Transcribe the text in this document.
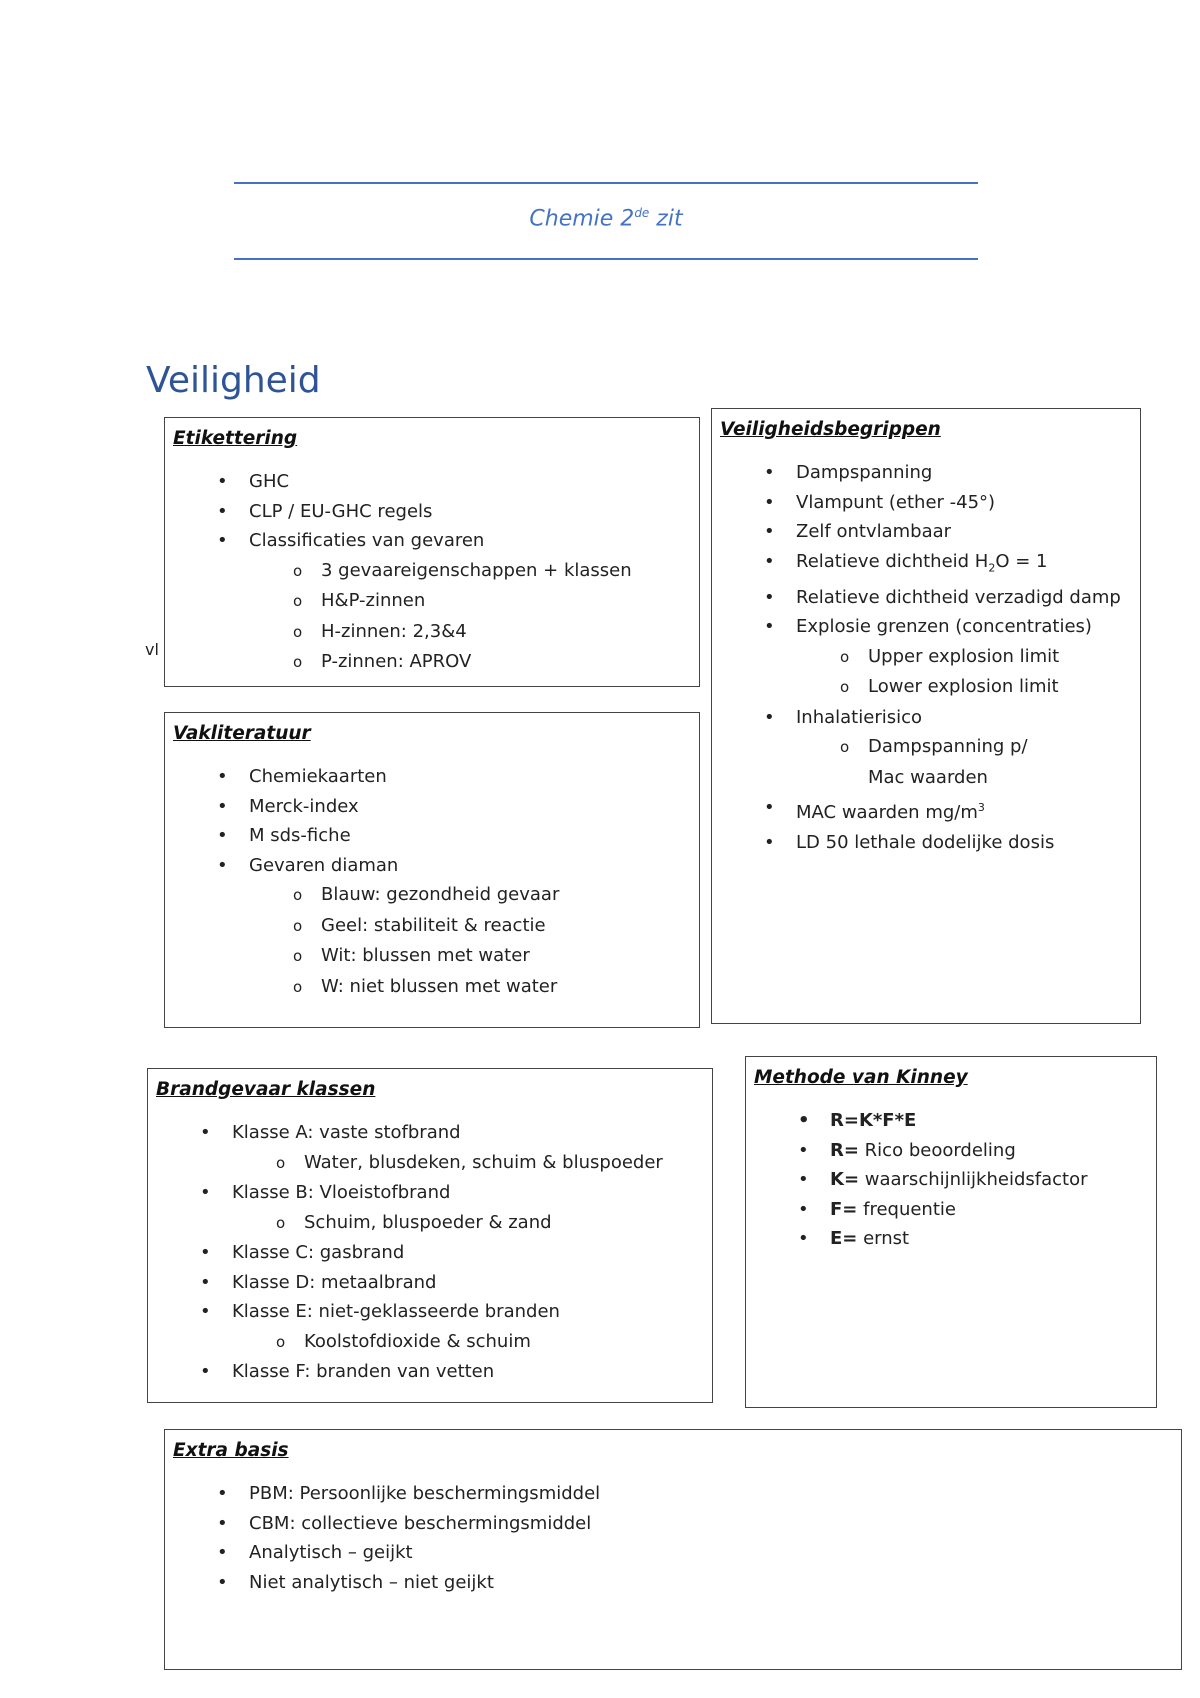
Chemie 2de zit
Veiligheid
vl
Etikettering
• GHC
• CLP / EU-GHC regels
• Classificaties van gevaren
o 3 gevaareigenschappen + klassen
o H&P-zinnen
o H-zinnen: 2,3&4
o P-zinnen: APROV
Vakliteratuur
• Chemiekaarten
• Merck-index
• M sds-fiche
• Gevaren diaman
o Blauw: gezondheid gevaar
o Geel: stabiliteit & reactie
o Wit: blussen met water
o W: niet blussen met water
Veiligheidsbegrippen
• Dampspanning
• Vlampunt (ether -45°)
• Zelf ontvlambaar
• Relatieve dichtheid $H_2O = 1$
• Relatieve dichtheid verzadigd damp
• Explosie grenzen (concentraties)
o Upper explosion limit
o Lower explosion limit
• Inhalatierisico
o Dampspanning p/ Mac waarden
• MAC waarden $mg/m^3$
• LD 50 lethale dodelijke dosis
Brandgevaar klassen
• Klasse A: vaste stofbrand
o Water, blusdeken, schuim & bluspoeder
• Klasse B: Vloeistofbrand
o Schuim, bluspoeder & zand
• Klasse C: gasbrand
• Klasse D: metaalbrand
• Klasse E: niet-geklasseerde branden
o Koolstofdioxide & schuim
• Klasse F: branden van vetten
Methode van Kinney
• R=K*F*E
• R= Rico beoordeling
• K= waarschijnlijkheidsfactor
• F= frequentie
• E= ernst
Extra basis
• PBM: Persoonlijke beschermingsmiddel
• CBM: collectieve beschermingsmiddel
• Analytisch – geijkt
• Niet analytisch – niet geijkt
